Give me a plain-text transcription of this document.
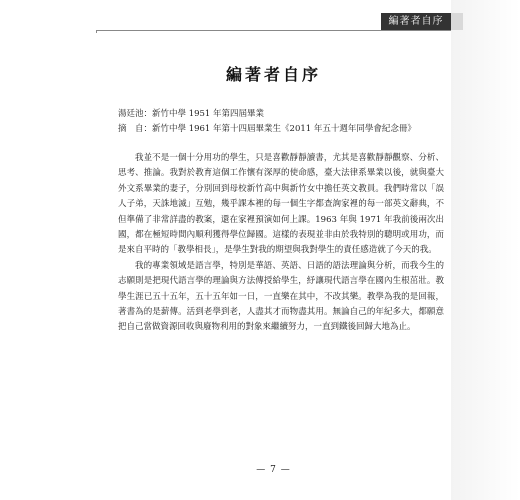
編著者自序
編著者自序
湯廷池：新竹中學 1951 年第四屆畢業
摘　自：新竹中學 1961 年第十四屆畢業生《2011 年五十週年同學會紀念冊》

我並不是一個十分用功的學生，只是喜歡靜靜讀書，尤其是喜歡靜靜觀察、分析、思考、推論。我對於教育這個工作懷有深厚的使命感，臺大法律系畢業以後，就與臺大外文系畢業的妻子，分別回到母校新竹高中與新竹女中擔任英文教員。我們時常以「誤人子弟，天誅地滅」互勉，幾乎課本裡的每一個生字都查詢家裡的每一部英文辭典，不但準備了非常詳盡的教案，還在家裡預演如何上課。1963 年與 1971 年我前後兩次出國，都在極短時間內順利獲得學位歸國。這樣的表現並非由於我特別的聰明或用功，而是來自平時的「教學相長」，是學生對我的期望與我對學生的責任感造就了今天的我。

我的專業領域是語言學，特別是華語、英語、日語的語法理論與分析，而我今生的志願則是把現代語言學的理論與方法傳授給學生，紓讓現代語言學在國內生根茁壯。教學生涯已五十五年，五十五年如一日，一直樂在其中，不改其樂。教學為我的是回報，著書為的是薪傳。活到老學到老，人盡其才而物盡其用。無論自己的年紀多大，都願意把自己當做資源回收與廢物利用的對象來繼續努力，一直到鐵後回歸大地為止。

— 7 —
